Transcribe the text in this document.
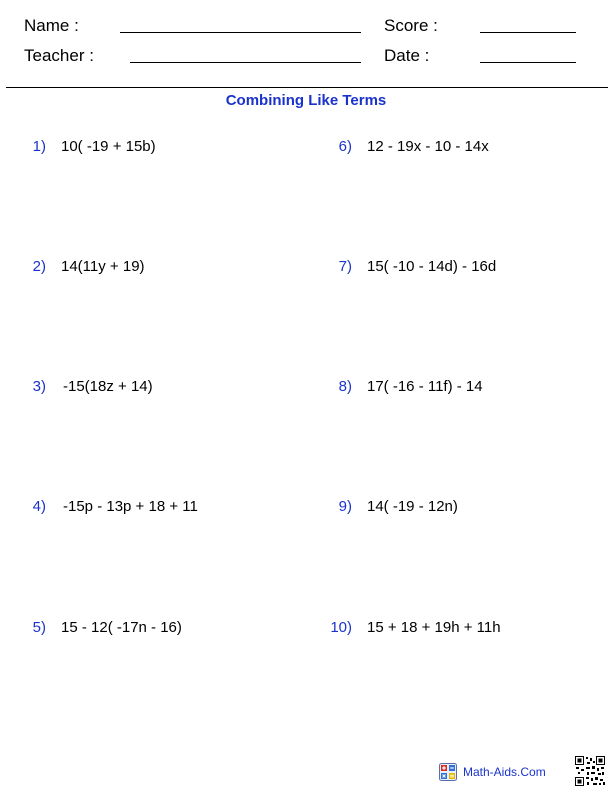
Name :	Score :
Teacher :	Date :
Combining Like Terms
1) 10( -19 + 15b)
2) 14(11y + 19)
3) -15(18z + 14)
4) -15p - 13p + 18 + 11
5) 15 - 12( -17n - 16)
6) 12 - 19x - 10 - 14x
7) 15( -10 - 14d) - 16d
8) 17( -16 - 11f) - 14
9) 14( -19 - 12n)
10) 15 + 18 + 19h + 11h
Math-Aids.Com
